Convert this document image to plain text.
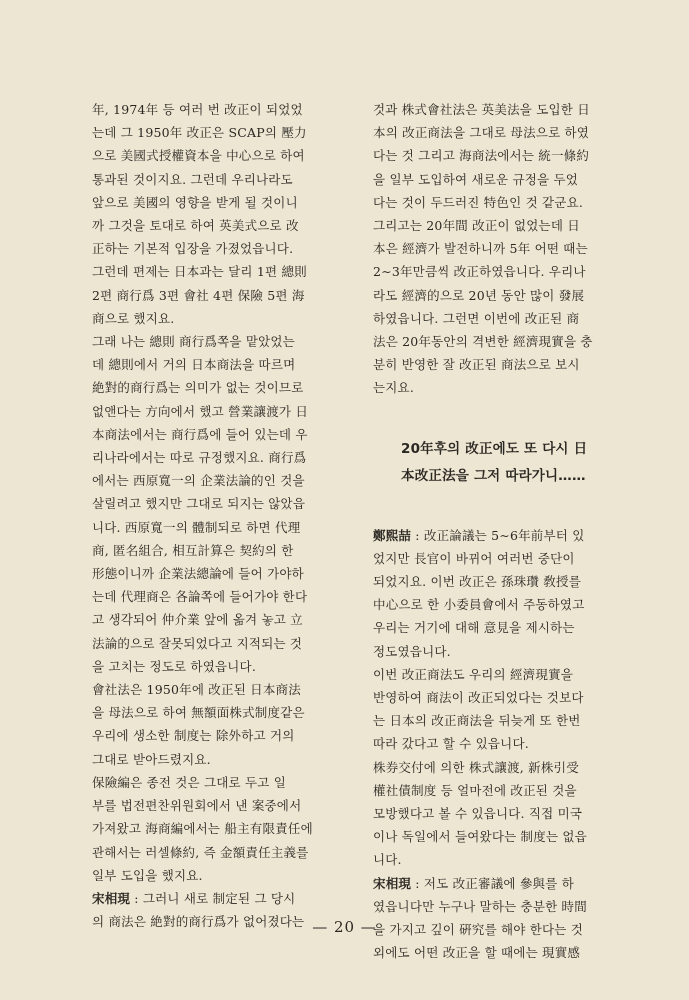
年, 1974年 등 여러 번 改正이 되었었

는데 그 1950年 改正은 SCAP의 壓力

으로 美國式授權資本을 中心으로 하여

통과된 것이지요. 그런데 우리나라도

앞으로 美國의 영향을 받게 될 것이니

까 그것을 토대로 하여 英美式으로 改

正하는 기본적 입장을 가졌었읍니다.

그런데 편제는 日本과는 달리 1편 總則

2편 商行爲 3편 會社 4편 保險 5편 海

商으로 했지요.

그래 나는 總則 商行爲쪽을 맡았었는

데 總則에서 거의 日本商法을 따르며

絶對的商行爲는 의미가 없는 것이므로

없앤다는 方向에서 했고 營業讓渡가 日

本商法에서는 商行爲에 들어 있는데 우

리나라에서는 따로 규정했지요. 商行爲

에서는 西原寬一의 企業法論的인 것을

살릴려고 했지만 그대로 되지는 않았읍

니다. 西原寬一의 體制되로 하면 代理

商, 匿名組合, 相互計算은 契約의 한

形態이니까 企業法總論에 들어 가야하

는데 代理商은 各論쪽에 들어가야 한다

고 생각되어 仲介業 앞에 옮겨 놓고 立

法論的으로 잘못되었다고 지적되는 것

을 고치는 정도로 하였읍니다.

會社法은 1950年에 改正된 日本商法

을 母法으로 하여 無額面株式制度같은

우리에 생소한 制度는 除外하고 거의

그대로 받아드렸지요.

保險編은 종전 것은 그대로 두고 일

부를 법전편찬위원회에서 낸 案중에서

가져왔고 海商編에서는 船主有限責任에

관해서는 러셀條約, 즉 金額責任主義를

일부 도입을 했지요.

宋相現 : 그러니 새로 制定된 그 당시

의 商法은 絶對的商行爲가 없어졌다는

것과 株式會社法은 英美法을 도입한 日

本의 改正商法을 그대로 母法으로 하였

다는 것 그리고 海商法에서는 統一條約

을 일부 도입하여 새로운 규정을 두었

다는 것이 두드러진 特色인 것 같군요.

그리고는 20年間 改正이 없었는데 日

本은 經濟가 발전하니까 5年 어떤 때는

2∼3年만큼씩 改正하였읍니다. 우리나

라도 經濟的으로 20년 동안 많이 發展

하였읍니다. 그런면 이번에 改正된 商

法은 20年동안의 격변한 經濟現實을 충

분히 반영한 잘 改正된 商法으로 보시

는지요.

20年후의 改正에도 또 다시 日
本改正法을 그저 따라가니……

鄭熙喆 : 改正論議는 5∼6年前부터 있

었지만 長官이 바뀌어 여러번 중단이

되었지요. 이번 改正은 孫珠瓚 敎授를

中心으로 한 小委員會에서 주동하였고

우리는 거기에 대해 意見을 제시하는

정도였읍니다.

이번 改正商法도 우리의 經濟現實을

반영하여 商法이 改正되었다는 것보다

는 日本의 改正商法을 뒤늦게 또 한번

따라 갔다고 할 수 있읍니다.

株券交付에 의한 株式讓渡, 新株引受

權社債制度 등 얼마전에 改正된 것을

모방했다고 볼 수 있읍니다. 직접 미국

이나 독일에서 들여왔다는 制度는 없읍

니다.

宋相現 : 저도 改正審議에 參與를 하

였읍니다만 누구나 말하는 충분한 時間

을 가지고 깊이 硏究를 해야 한다는 것

외에도 어떤 改正을 할 때에는 現實感

— 20 —
